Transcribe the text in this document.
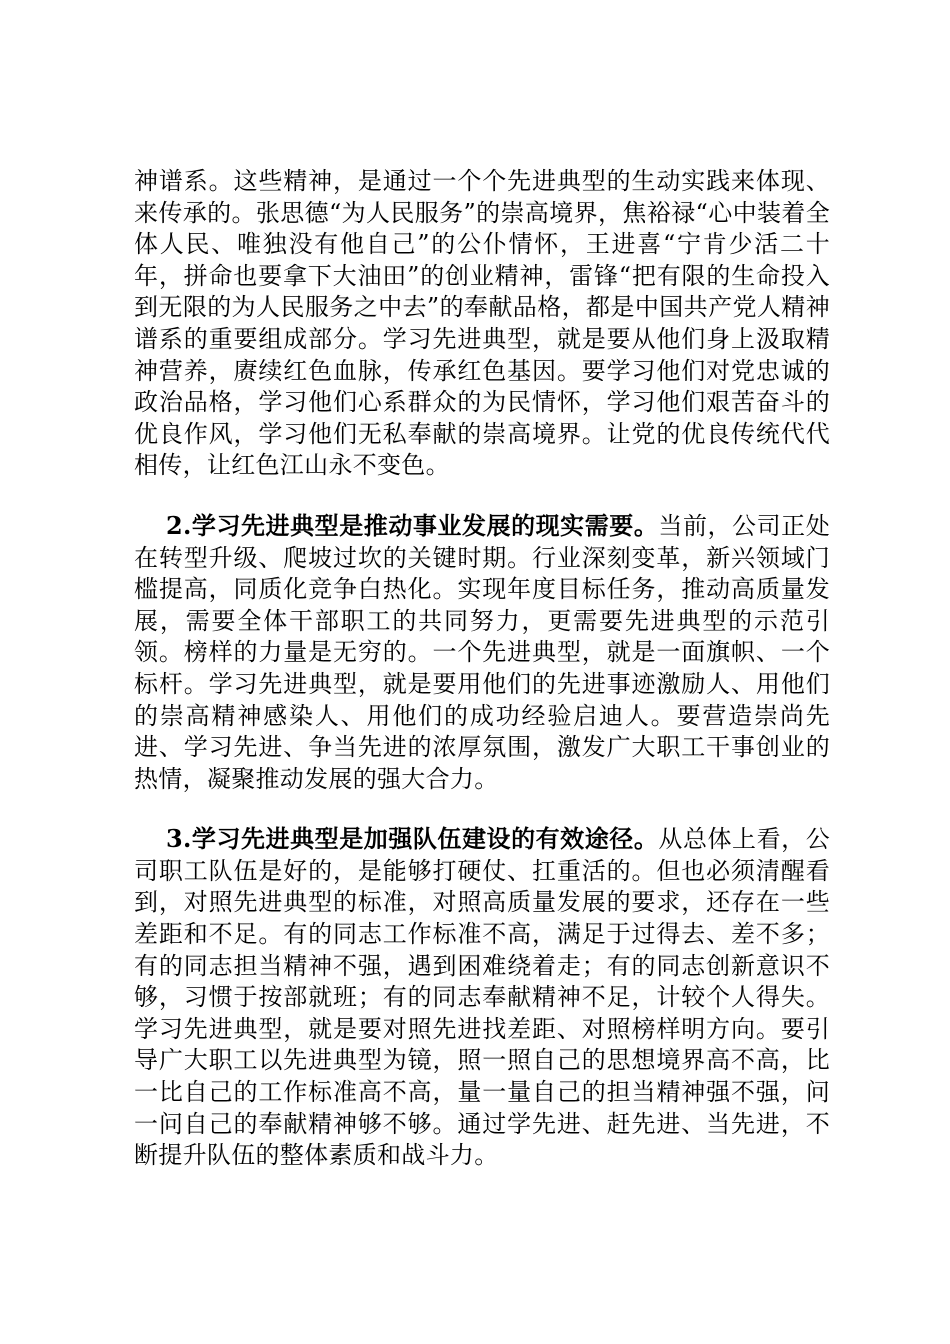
神谱系。这些精神，是通过一个个先进典型的生动实践来体现、来传承的。张思德“为人民服务”的崇高境界，焦裕禄“心中装着全体人民、唯独没有他自己”的公仆情怀，王进喜“宁肯少活二十年，拼命也要拿下大油田”的创业精神，雷锋“把有限的生命投入到无限的为人民服务之中去”的奉献品格，都是中国共产党人精神谱系的重要组成部分。学习先进典型，就是要从他们身上汲取精神营养，赓续红色血脉，传承红色基因。要学习他们对党忠诚的政治品格，学习他们心系群众的为民情怀，学习他们艰苦奋斗的优良作风，学习他们无私奉献的崇高境界。让党的优良传统代代相传，让红色江山永不变色。

2.学习先进典型是推动事业发展的现实需要。当前，公司正处在转型升级、爬坡过坎的关键时期。行业深刻变革，新兴领域门槛提高，同质化竞争白热化。实现年度目标任务，推动高质量发展，需要全体干部职工的共同努力，更需要先进典型的示范引领。榜样的力量是无穷的。一个先进典型，就是一面旗帜、一个标杆。学习先进典型，就是要用他们的先进事迹激励人、用他们的崇高精神感染人、用他们的成功经验启迪人。要营造崇尚先进、学习先进、争当先进的浓厚氛围，激发广大职工干事创业的热情，凝聚推动发展的强大合力。

3.学习先进典型是加强队伍建设的有效途径。从总体上看，公司职工队伍是好的，是能够打硬仗、扛重活的。但也必须清醒看到，对照先进典型的标准，对照高质量发展的要求，还存在一些差距和不足。有的同志工作标准不高，满足于过得去、差不多；有的同志担当精神不强，遇到困难绕着走；有的同志创新意识不够，习惯于按部就班；有的同志奉献精神不足，计较个人得失。学习先进典型，就是要对照先进找差距、对照榜样明方向。要引导广大职工以先进典型为镜，照一照自己的思想境界高不高，比一比自己的工作标准高不高，量一量自己的担当精神强不强，问一问自己的奉献精神够不够。通过学先进、赶先进、当先进，不断提升队伍的整体素质和战斗力。
